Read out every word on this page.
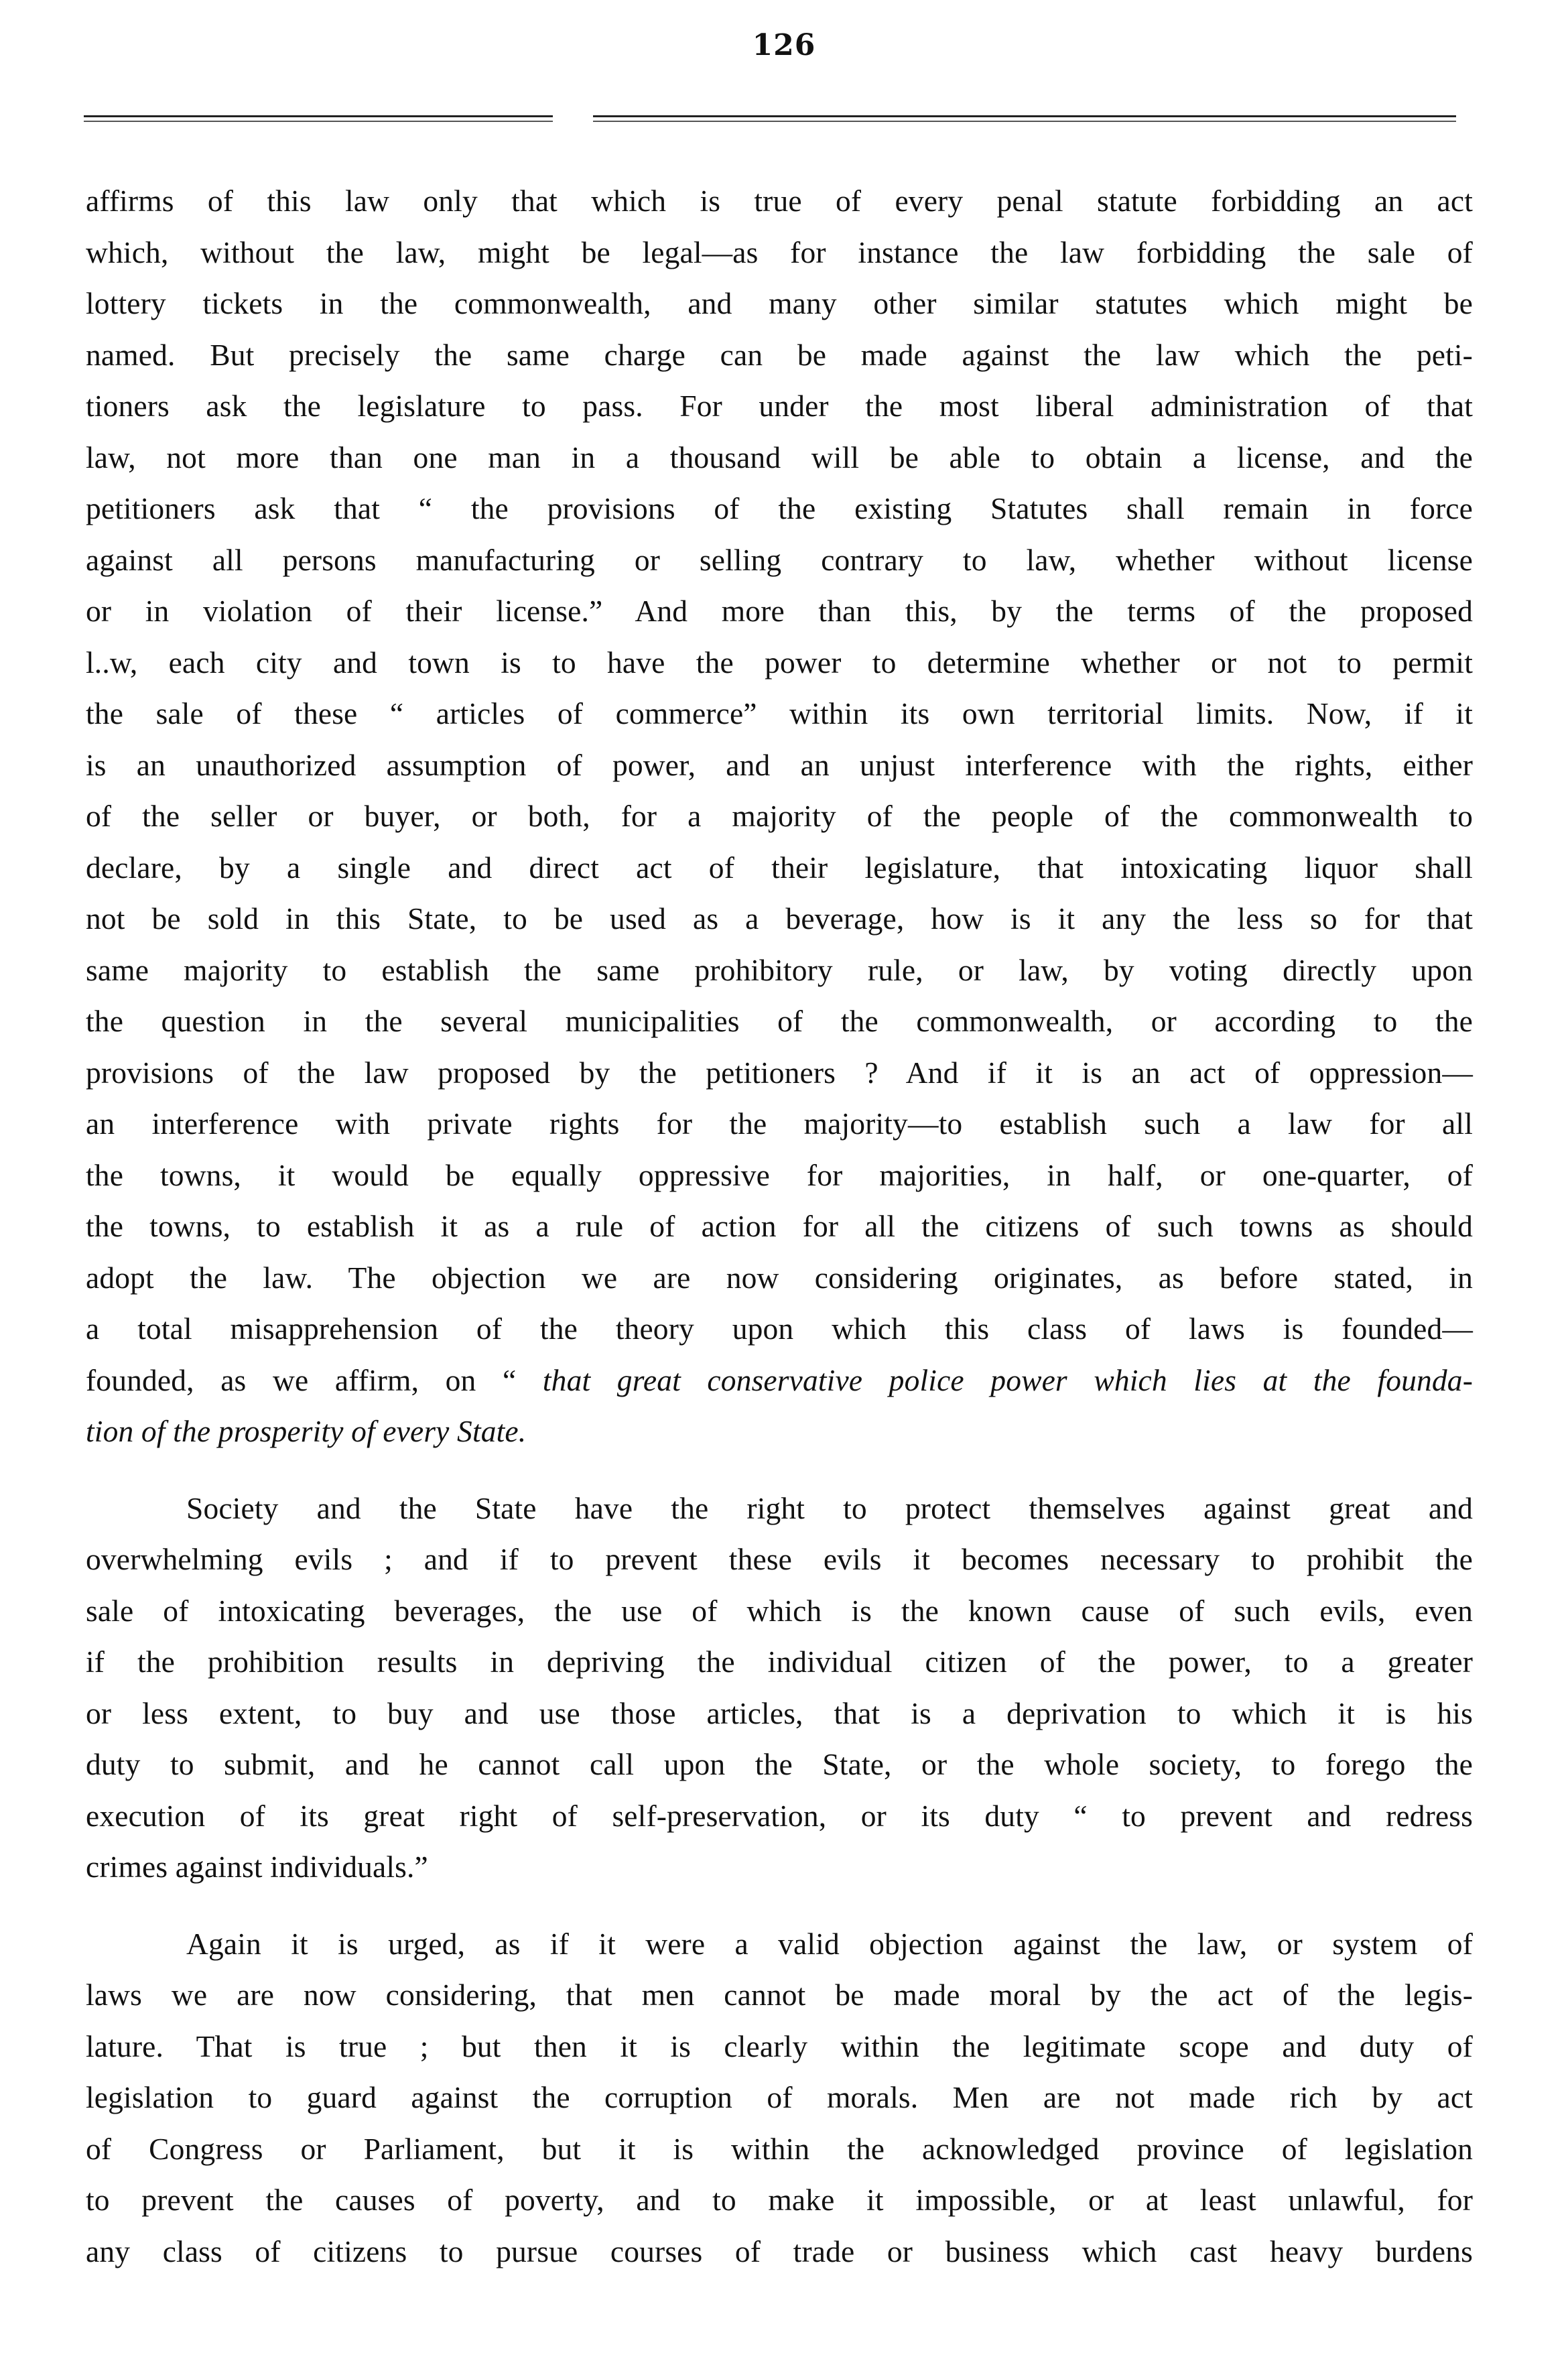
126
affirms of this law only that which is true of every penal statute forbidding an act
which, without the law, might be legal—as for instance the law forbidding the sale of
lottery tickets in the commonwealth, and many other similar statutes which might be
named. But precisely the same charge can be made against the law which the peti-
tioners ask the legislature to pass. For under the most liberal administration of that
law, not more than one man in a thousand will be able to obtain a license, and the
petitioners ask that “ the provisions of the existing Statutes shall remain in force
against all persons manufacturing or selling contrary to law, whether without license
or in violation of their license.” And more than this, by the terms of the proposed
l..w, each city and town is to have the power to determine whether or not to permit
the sale of these “ articles of commerce” within its own territorial limits. Now, if it
is an unauthorized assumption of power, and an unjust interference with the rights, either
of the seller or buyer, or both, for a majority of the people of the commonwealth to
declare, by a single and direct act of their legislature, that intoxicating liquor shall
not be sold in this State, to be used as a beverage, how is it any the less so for that
same majority to establish the same prohibitory rule, or law, by voting directly upon
the question in the several municipalities of the commonwealth, or according to the
provisions of the law proposed by the petitioners ? And if it is an act of oppression—
an interference with private rights for the majority—to establish such a law for all
the towns, it would be equally oppressive for majorities, in half, or one-quarter, of
the towns, to establish it as a rule of action for all the citizens of such towns as should
adopt the law. The objection we are now considering originates, as before stated, in
a total misapprehension of the theory upon which this class of laws is founded—
founded, as we affirm, on “ that great conservative police power which lies at the founda-
tion of the prosperity of every State.
Society and the State have the right to protect themselves against great and
overwhelming evils ; and if to prevent these evils it becomes necessary to prohibit the
sale of intoxicating beverages, the use of which is the known cause of such evils, even
if the prohibition results in depriving the individual citizen of the power, to a greater
or less extent, to buy and use those articles, that is a deprivation to which it is his
duty to submit, and he cannot call upon the State, or the whole society, to forego the
execution of its great right of self-preservation, or its duty “ to prevent and redress
crimes against individuals.”
Again it is urged, as if it were a valid objection against the law, or system of
laws we are now considering, that men cannot be made moral by the act of the legis-
lature. That is true ; but then it is clearly within the legitimate scope and duty of
legislation to guard against the corruption of morals. Men are not made rich by act
of Congress or Parliament, but it is within the acknowledged province of legislation
to prevent the causes of poverty, and to make it impossible, or at least unlawful, for
any class of citizens to pursue courses of trade or business which cast heavy burdens
